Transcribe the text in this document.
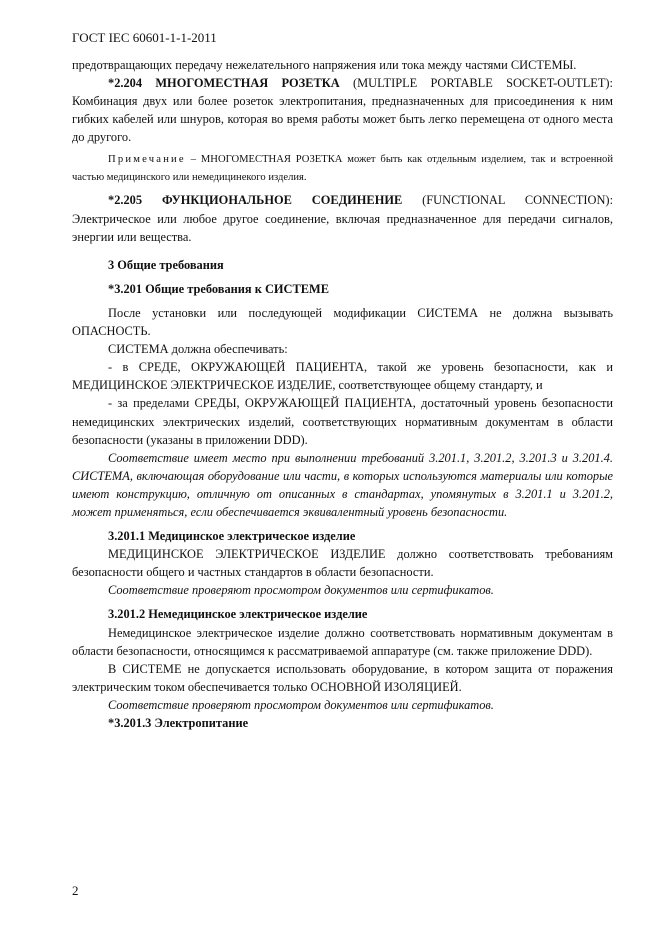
ГОСТ IEC 60601-1-1-2011

предотвращающих передачу нежелательного напряжения или тока между частями СИСТЕМЫ.

*2.204 МНОГОМЕСТНАЯ РОЗЕТКА (MULTIPLE PORTABLE SOCKET-OUTLET): Комбинация двух или более розеток электропитания, предназначенных для присоединения к ним гибких кабелей или шнуров, которая во время работы может быть легко перемещена от одного места до другого.

Примечание – МНОГОМЕСТНАЯ РОЗЕТКА может быть как отдельным изделием, так и встроенной частью медицинского или немедицинекого изделия.

*2.205 ФУНКЦИОНАЛЬНОЕ СОЕДИНЕНИЕ (FUNCTIONAL CONNECTION): Электрическое или любое другое соединение, включая предназначенное для передачи сигналов, энергии или вещества.

3 Общие требования

*3.201 Общие требования к СИСТЕМЕ

После установки или последующей модификации СИСТЕМА не должна вызывать ОПАСНОСТЬ.

СИСТЕМА должна обеспечивать:

- в СРЕДЕ, ОКРУЖАЮЩЕЙ ПАЦИЕНТА, такой же уровень безопасности, как и МЕДИЦИНСКОЕ ЭЛЕКТРИЧЕСКОЕ ИЗДЕЛИЕ, соответствующее общему стандарту, и

- за пределами СРЕДЫ, ОКРУЖАЮЩЕЙ ПАЦИЕНТА, достаточный уровень безопасности немедицинских электрических изделий, соответствующих нормативным документам в области безопасности (указаны в приложении DDD).

Соответствие имеет место при выполнении требований 3.201.1, 3.201.2, 3.201.3 и 3.201.4. СИСТЕМА, включающая оборудование или части, в которых используются материалы или которые имеют конструкцию, отличную от описанных в стандартах, упомянутых в 3.201.1 и 3.201.2, может применяться, если обеспечивается эквивалентный уровень безопасности.

3.201.1 Медицинское электрическое изделие

МЕДИЦИНСКОЕ ЭЛЕКТРИЧЕСКОЕ ИЗДЕЛИЕ должно соответствовать требованиям безопасности общего и частных стандартов в области безопасности.

Соответствие проверяют просмотром документов или сертификатов.

3.201.2 Немедицинское электрическое изделие

Немедицинское электрическое изделие должно соответствовать нормативным документам в области безопасности, относящимся к рассматриваемой аппаратуре (см. также приложение DDD).

В СИСТЕМЕ не допускается использовать оборудование, в котором защита от поражения электрическим током обеспечивается только ОСНОВНОЙ ИЗОЛЯЦИЕЙ.

Соответствие проверяют просмотром документов или сертификатов.

*3.201.3 Электропитание

2
